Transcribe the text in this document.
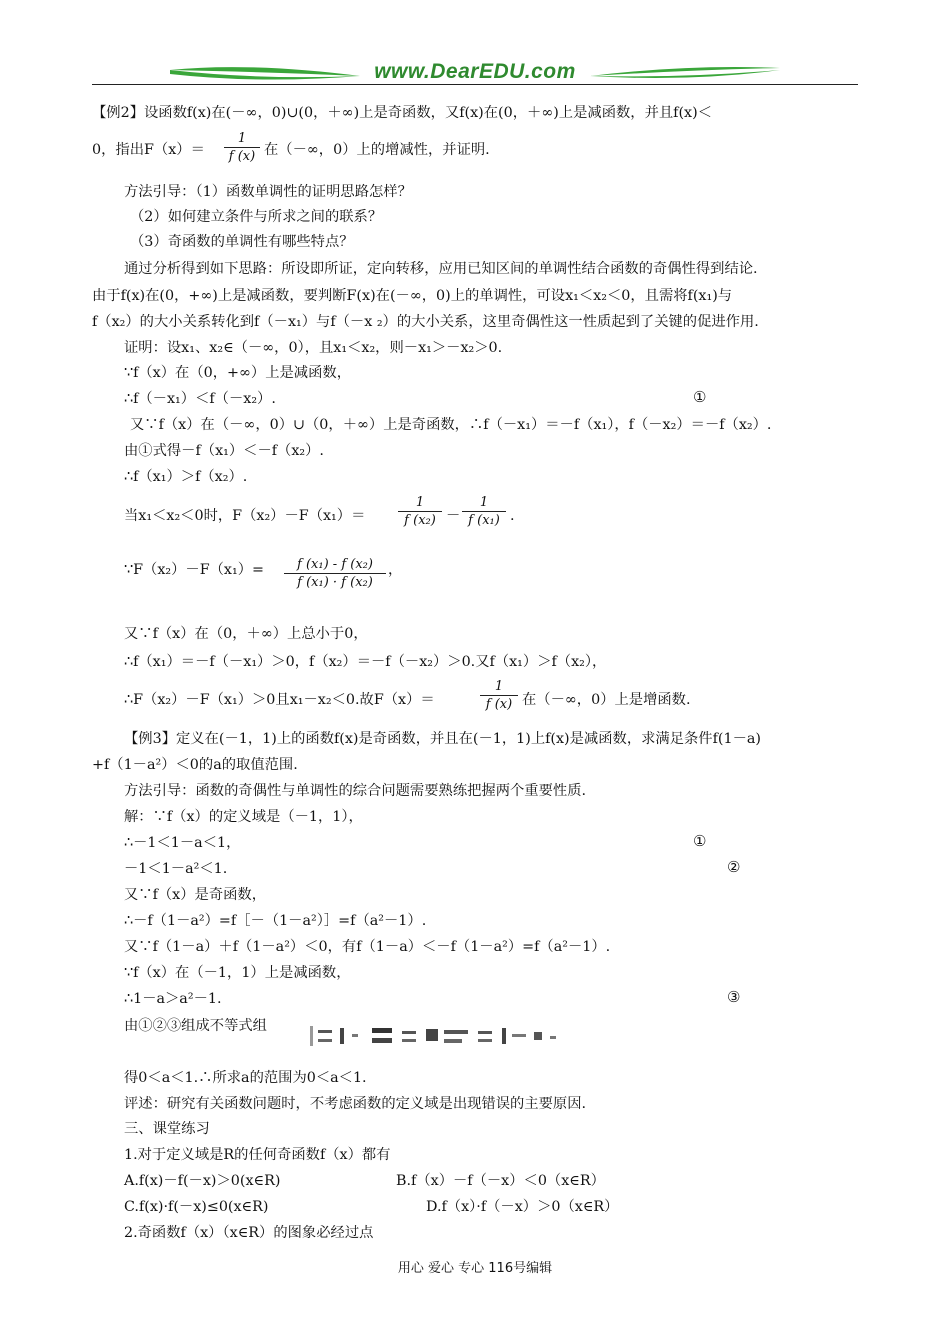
www.DearEDU.com
【例2】设函数f(x)在(－∞，0)∪(0，＋∞)上是奇函数，又f(x)在(0，＋∞)上是减函数，并且f(x)＜
0，指出F（x）＝
1
f (x) 在（－∞，0）上的增减性，并证明.
方法引导：（1）函数单调性的证明思路怎样？
（2）如何建立条件与所求之间的联系？
（3）奇函数的单调性有哪些特点？
通过分析得到如下思路：所设即所证，定向转移，应用已知区间的单调性结合函数的奇偶性得到结论.
由于f(x)在(0，+∞)上是减函数，要判断F(x)在(－∞，0)上的单调性，可设x₁＜x₂＜0，且需将f(x₁)与
f（x₂）的大小关系转化到f（－x₁）与f（－x ₂）的大小关系，这里奇偶性这一性质起到了关键的促进作用.
证明：设x₁、x₂∈（－∞，0），且x₁＜x₂，则－x₁＞－x₂＞0.
∵f（x）在（0，+∞）上是减函数，
∴f（－x₁）＜f（－x₂）.	①
又∵f（x）在（－∞，0）∪（0，＋∞）上是奇函数，∴f（－x₁）＝－f（x₁），f（－x₂）＝－f（x₂）.
由①式得－f（x₁）＜－f（x₂）.
∴f（x₁）＞f（x₂）.
当x₁＜x₂＜0时，F（x₂）－F（x₁）＝
1
f (x₂) －
1
f (x₁) .
∵F（x₂）－F（x₁）=	f (x₁) - f (x₂)
f (x₁) · f (x₂)
，
又∵f（x）在（0，＋∞）上总小于0，
∴f（x₁）＝－f（－x₁）＞0，f（x₂）＝－f（－x₂）＞0.又f（x₁）＞f（x₂），
∴F（x₂）－F（x₁）＞0且x₁－x₂＜0.故F（x）＝
1
f (x) 在（－∞，0）上是增函数.
【例3】定义在(－1，1)上的函数f(x)是奇函数，并且在(－1，1)上f(x)是减函数，求满足条件f(1－a)
+f（1－a²）＜0的a的取值范围.
方法引导：函数的奇偶性与单调性的综合问题需要熟练把握两个重要性质.
解：∵f（x）的定义域是（－1，1），
∴－1＜1－a＜1，	①
－1＜1－a²＜1.	②
又∵f（x）是奇函数，
∴－f（1－a²）=f［－（1－a²）］=f（a²－1）.
又∵f（1－a）＋f（1－a²）＜0，有f（1－a）＜－f（1－a²）=f（a²－1）.
∵f（x）在（－1，1）上是减函数，
∴1－a＞a²－1.	③
由①②③组成不等式组
得0＜a＜1.∴所求a的范围为0＜a＜1.
评述：研究有关函数问题时，不考虑函数的定义域是出现错误的主要原因.
三、课堂练习
1.对于定义域是R的任何奇函数f（x）都有
A.f(x)－f(－x)＞0(x∈R)	B.f（x）－f（－x）＜0（x∈R）
C.f(x)·f(－x)≤0(x∈R)	D.f（x）·f（－x）＞0（x∈R）
2.奇函数f（x）（x∈R）的图象必经过点
用心 爱心 专心 116号编辑
